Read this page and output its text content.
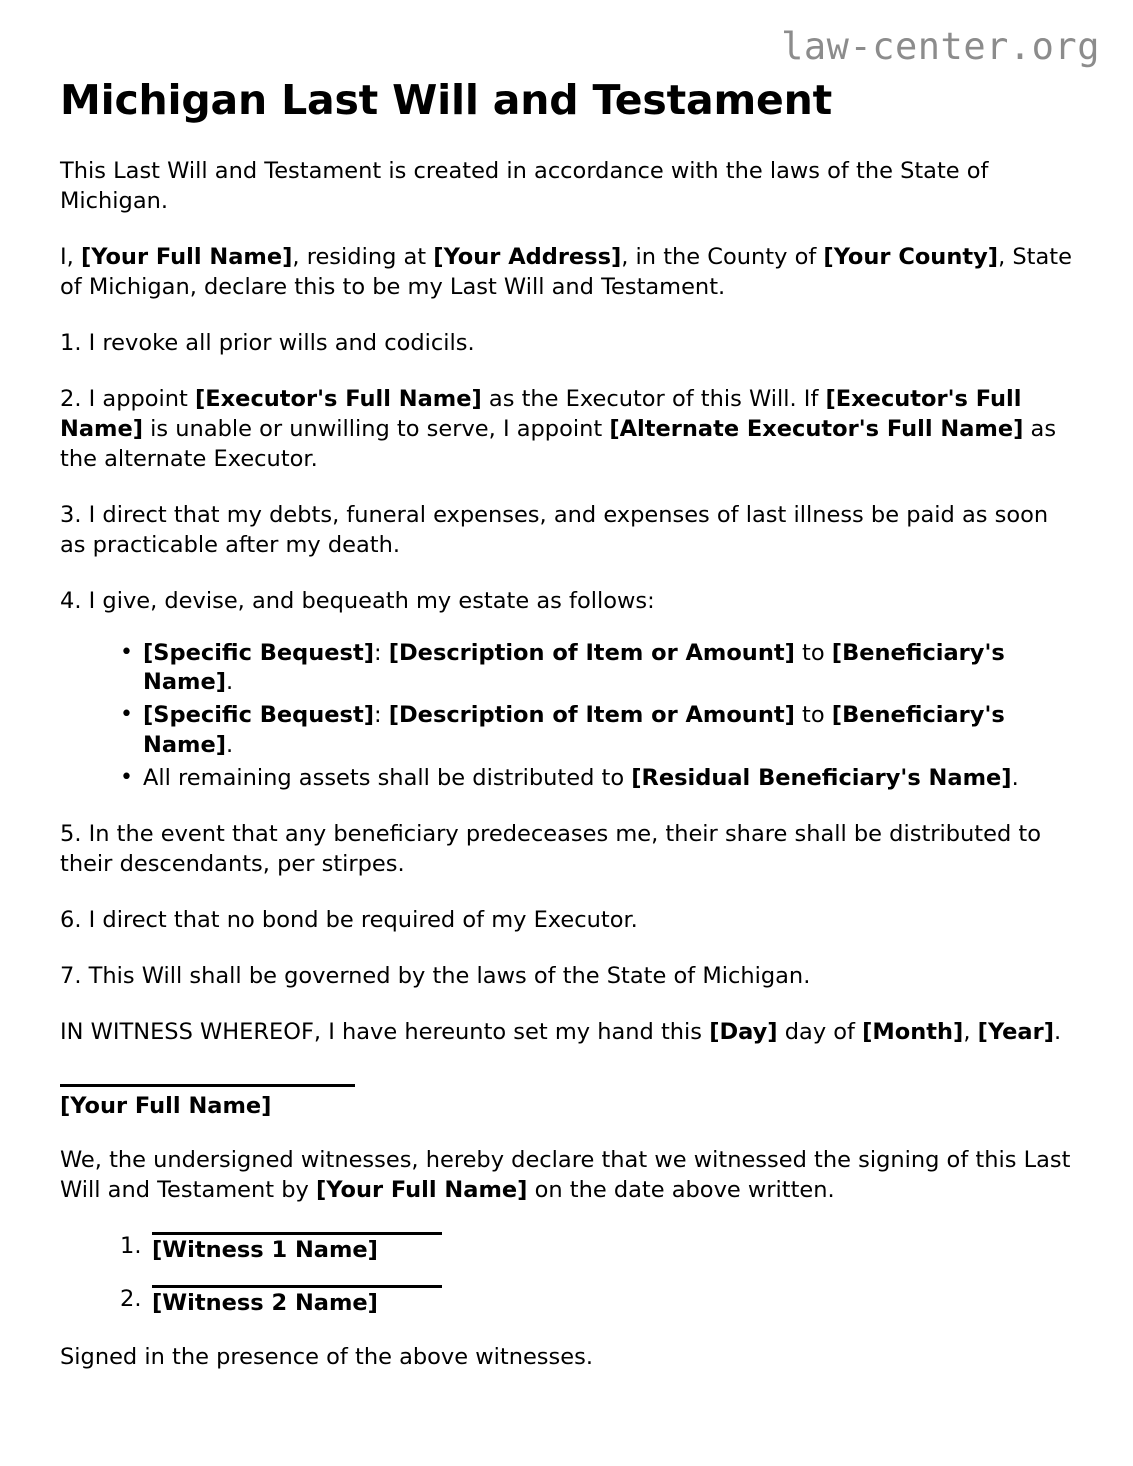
law-center.org
Michigan Last Will and Testament

This Last Will and Testament is created in accordance with the laws of the State of Michigan.

I, [Your Full Name], residing at [Your Address], in the County of [Your County], State of Michigan, declare this to be my Last Will and Testament.

1. I revoke all prior wills and codicils.

2. I appoint [Executor's Full Name] as the Executor of this Will. If [Executor's Full Name] is unable or unwilling to serve, I appoint [Alternate Executor's Full Name] as the alternate Executor.

3. I direct that my debts, funeral expenses, and expenses of last illness be paid as soon as practicable after my death.

4. I give, devise, and bequeath my estate as follows:

• [Specific Bequest]: [Description of Item or Amount] to [Beneficiary's Name].
• [Specific Bequest]: [Description of Item or Amount] to [Beneficiary's Name].
• All remaining assets shall be distributed to [Residual Beneficiary's Name].

5. In the event that any beneficiary predeceases me, their share shall be distributed to their descendants, per stirpes.

6. I direct that no bond be required of my Executor.

7. This Will shall be governed by the laws of the State of Michigan.

IN WITNESS WHEREOF, I have hereunto set my hand this [Day] day of [Month], [Year].

[Your Full Name]

We, the undersigned witnesses, hereby declare that we witnessed the signing of this Last Will and Testament by [Your Full Name] on the date above written.

[Witness 1 Name]
[Witness 2 Name]

Signed in the presence of the above witnesses.
